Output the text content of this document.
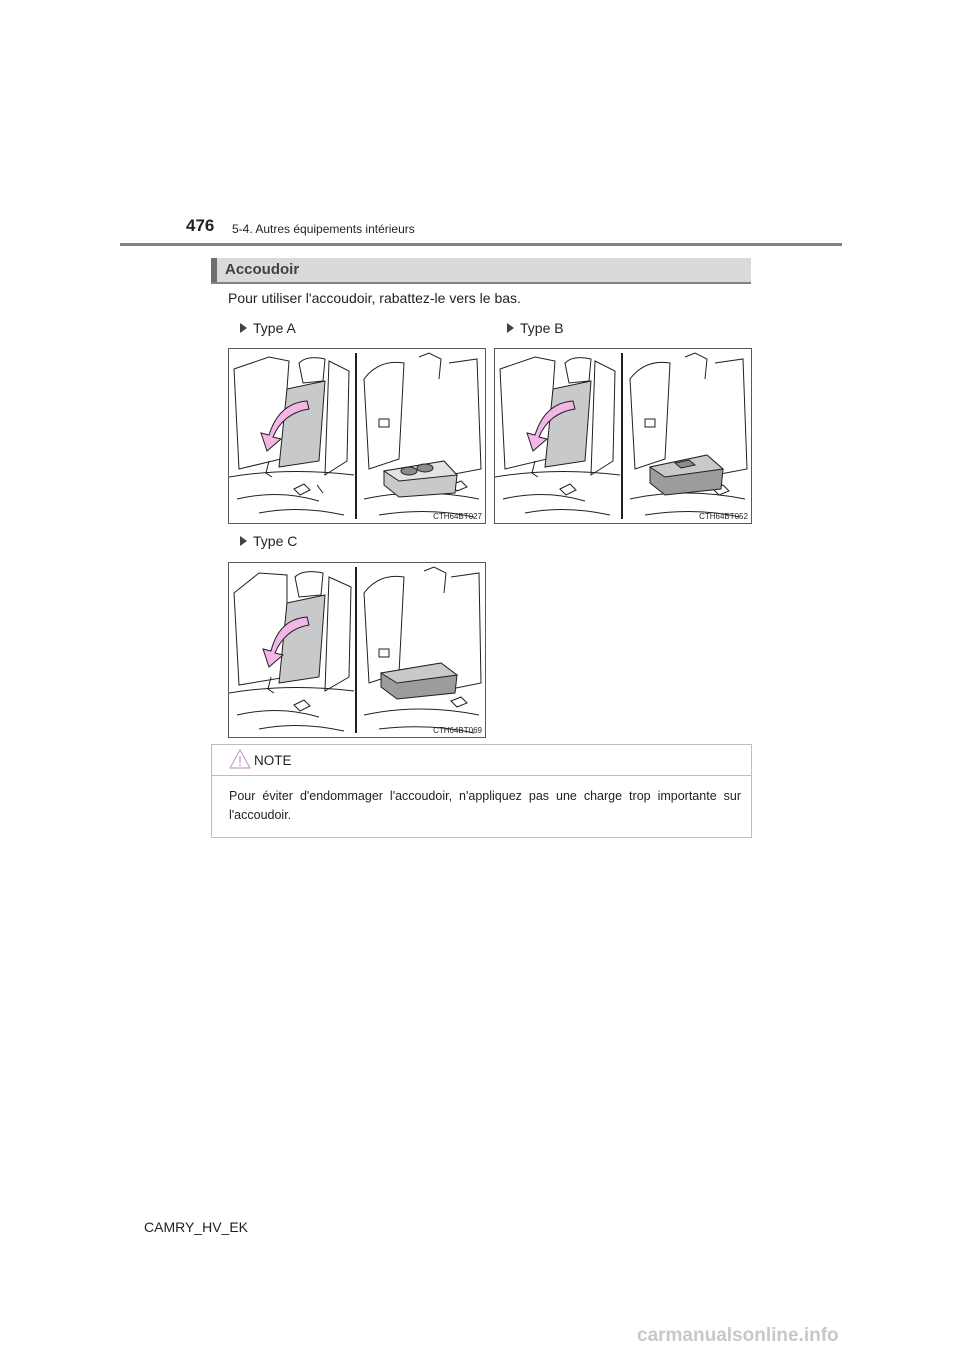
476 5-4. Autres équipements intérieurs
Accoudoir
Pour utiliser l'accoudoir, rabattez-le vers le bas.
Type A	Type B
Type C
CTH64BT027	CTH64BT052
CTH64BT069
NOTE
Pour éviter d'endommager l'accoudoir, n'appliquez pas une charge trop importante sur l'accoudoir.
CAMRY_HV_EK
carmanualsonline.info
